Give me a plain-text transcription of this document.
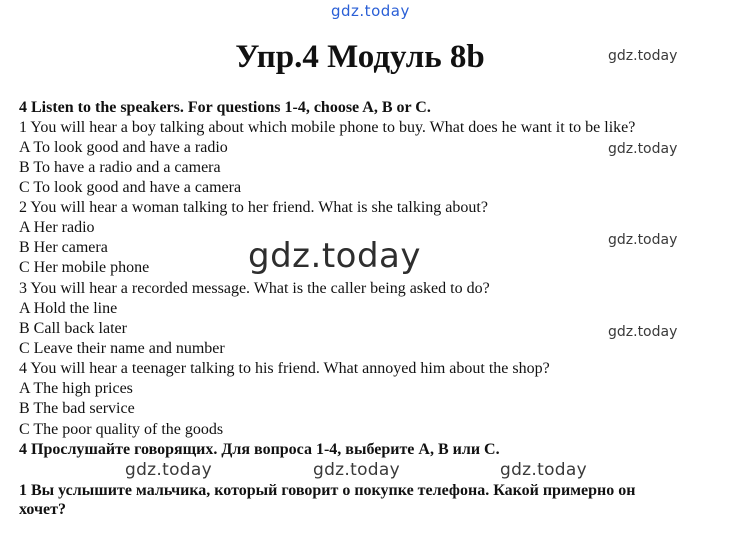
gdz.today
gdz.today
gdz.today
gdz.today
gdz.today
gdz.today
gdz.today	gdz.today	gdz.today
Упр.4 Модуль 8b
4 Listen to the speakers. For questions 1-4, choose A, B or C.
1 You will hear a boy talking about which mobile phone to buy. What does he want it to be like?
A To look good and have a radio
B To have a radio and a camera
C To look good and have a camera
2 You will hear a woman talking to her friend. What is she talking about?
A Her radio
B Her camera
C Her mobile phone
3 You will hear a recorded message. What is the caller being asked to do?
A Hold the line
B Call back later
C Leave their name and number
4 You will hear a teenager talking to his friend. What annoyed him about the shop?
A The high prices
B The bad service
C The poor quality of the goods
4 Прослушайте говорящих. Для вопроса 1-4, выберите А, В или С.
1 Вы услышите мальчика, который говорит о покупке телефона. Какой примерно он
хочет?
